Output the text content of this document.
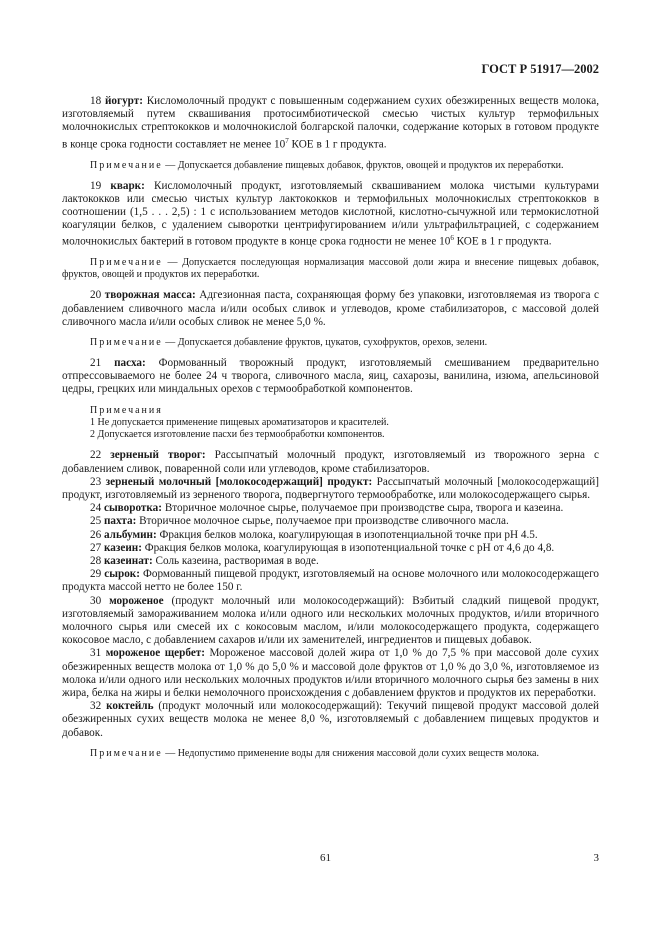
ГОСТ Р 51917—2002

18 йогурт: Кисломолочный продукт с повышенным содержанием сухих обезжиренных веществ молока, изготовляемый путем сквашивания протосимбиотической смесью чистых культур термофильных молочнокислых стрептококков и молочнокислой болгарской палочки, содержание которых в готовом продукте в конце срока годности составляет не менее $10^7$ КОЕ в 1 г продукта.

Примечание — Допускается добавление пищевых добавок, фруктов, овощей и продуктов их переработки.

19 кварк: Кисломолочный продукт, изготовляемый сквашиванием молока чистыми культурами лактококков или смесью чистых культур лактококков и термофильных молочнокислых стрептококков в соотношении (1,5 . . . 2,5) : 1 с использованием методов кислотной, кислотно-сычужной или термокислотной коагуляции белков, с удалением сыворотки центрифугированием и/или ультрафильтрацией, с содержанием молочнокислых бактерий в готовом продукте в конце срока годности не менее $10^6$ КОЕ в 1 г продукта.

Примечание — Допускается последующая нормализация массовой доли жира и внесение пищевых добавок, фруктов, овощей и продуктов их переработки.

20 творожная масса: Адгезионная паста, сохраняющая форму без упаковки, изготовляемая из творога с добавлением сливочного масла и/или особых сливок и углеводов, кроме стабилизаторов, с массовой долей сливочного масла и/или особых сливок не менее 5,0 %.

Примечание — Допускается добавление фруктов, цукатов, сухофруктов, орехов, зелени.

21 пасха: Формованный творожный продукт, изготовляемый смешиванием предварительно отпрессовываемого не более 24 ч творога, сливочного масла, яиц, сахарозы, ванилина, изюма, апельсиновой цедры, грецких или миндальных орехов с термообработкой компонентов.

Примечания
1 Не допускается применение пищевых ароматизаторов и красителей.
2 Допускается изготовление пасхи без термообработки компонентов.

22 зерненый творог: Рассыпчатый молочный продукт, изготовляемый из творожного зерна с добавлением сливок, поваренной соли или углеводов, кроме стабилизаторов.

23 зерненый молочный [молокосодержащий] продукт: Рассыпчатый молочный [молокосодержащий] продукт, изготовляемый из зерненого творога, подвергнутого термообработке, или молокосодержащего сырья.

24 сыворотка: Вторичное молочное сырье, получаемое при производстве сыра, творога и казеина.

25 пахта: Вторичное молочное сырье, получаемое при производстве сливочного масла.

26 альбумин: Фракция белков молока, коагулирующая в изопотенциальной точке при pH 4.5.

27 казеин: Фракция белков молока, коагулирующая в изопотенциальной точке с pH от 4,6 до 4,8.

28 казеинат: Соль казеина, растворимая в воде.

29 сырок: Формованный пищевой продукт, изготовляемый на основе молочного или молокосодержащего продукта массой нетто не более 150 г.

30 мороженое (продукт молочный или молокосодержащий): Взбитый сладкий пищевой продукт, изготовляемый замораживанием молока и/или одного или нескольких молочных продуктов, и/или вторичного молочного сырья или смесей их с кокосовым маслом, и/или молокосодержащего продукта, содержащего кокосовое масло, с добавлением сахаров и/или их заменителей, ингредиентов и пищевых добавок.

31 мороженое щербет: Мороженое массовой долей жира от 1,0 % до 7,5 % при массовой доле сухих обезжиренных веществ молока от 1,0 % до 5,0 % и массовой доле фруктов от 1,0 % до 3,0 %, изготовляемое из молока и/или одного или нескольких молочных продуктов и/или вторичного молочного сырья без замены в них жира, белка на жиры и белки немолочного происхождения с добавлением фруктов и продуктов их переработки.

32 коктейль (продукт молочный или молокосодержащий): Текучий пищевой продукт массовой долей обезжиренных сухих веществ молока не менее 8,0 %, изготовляемый с добавлением пищевых продуктов и добавок.

Примечание — Недопустимо применение воды для снижения массовой доли сухих веществ молока.

61	3
